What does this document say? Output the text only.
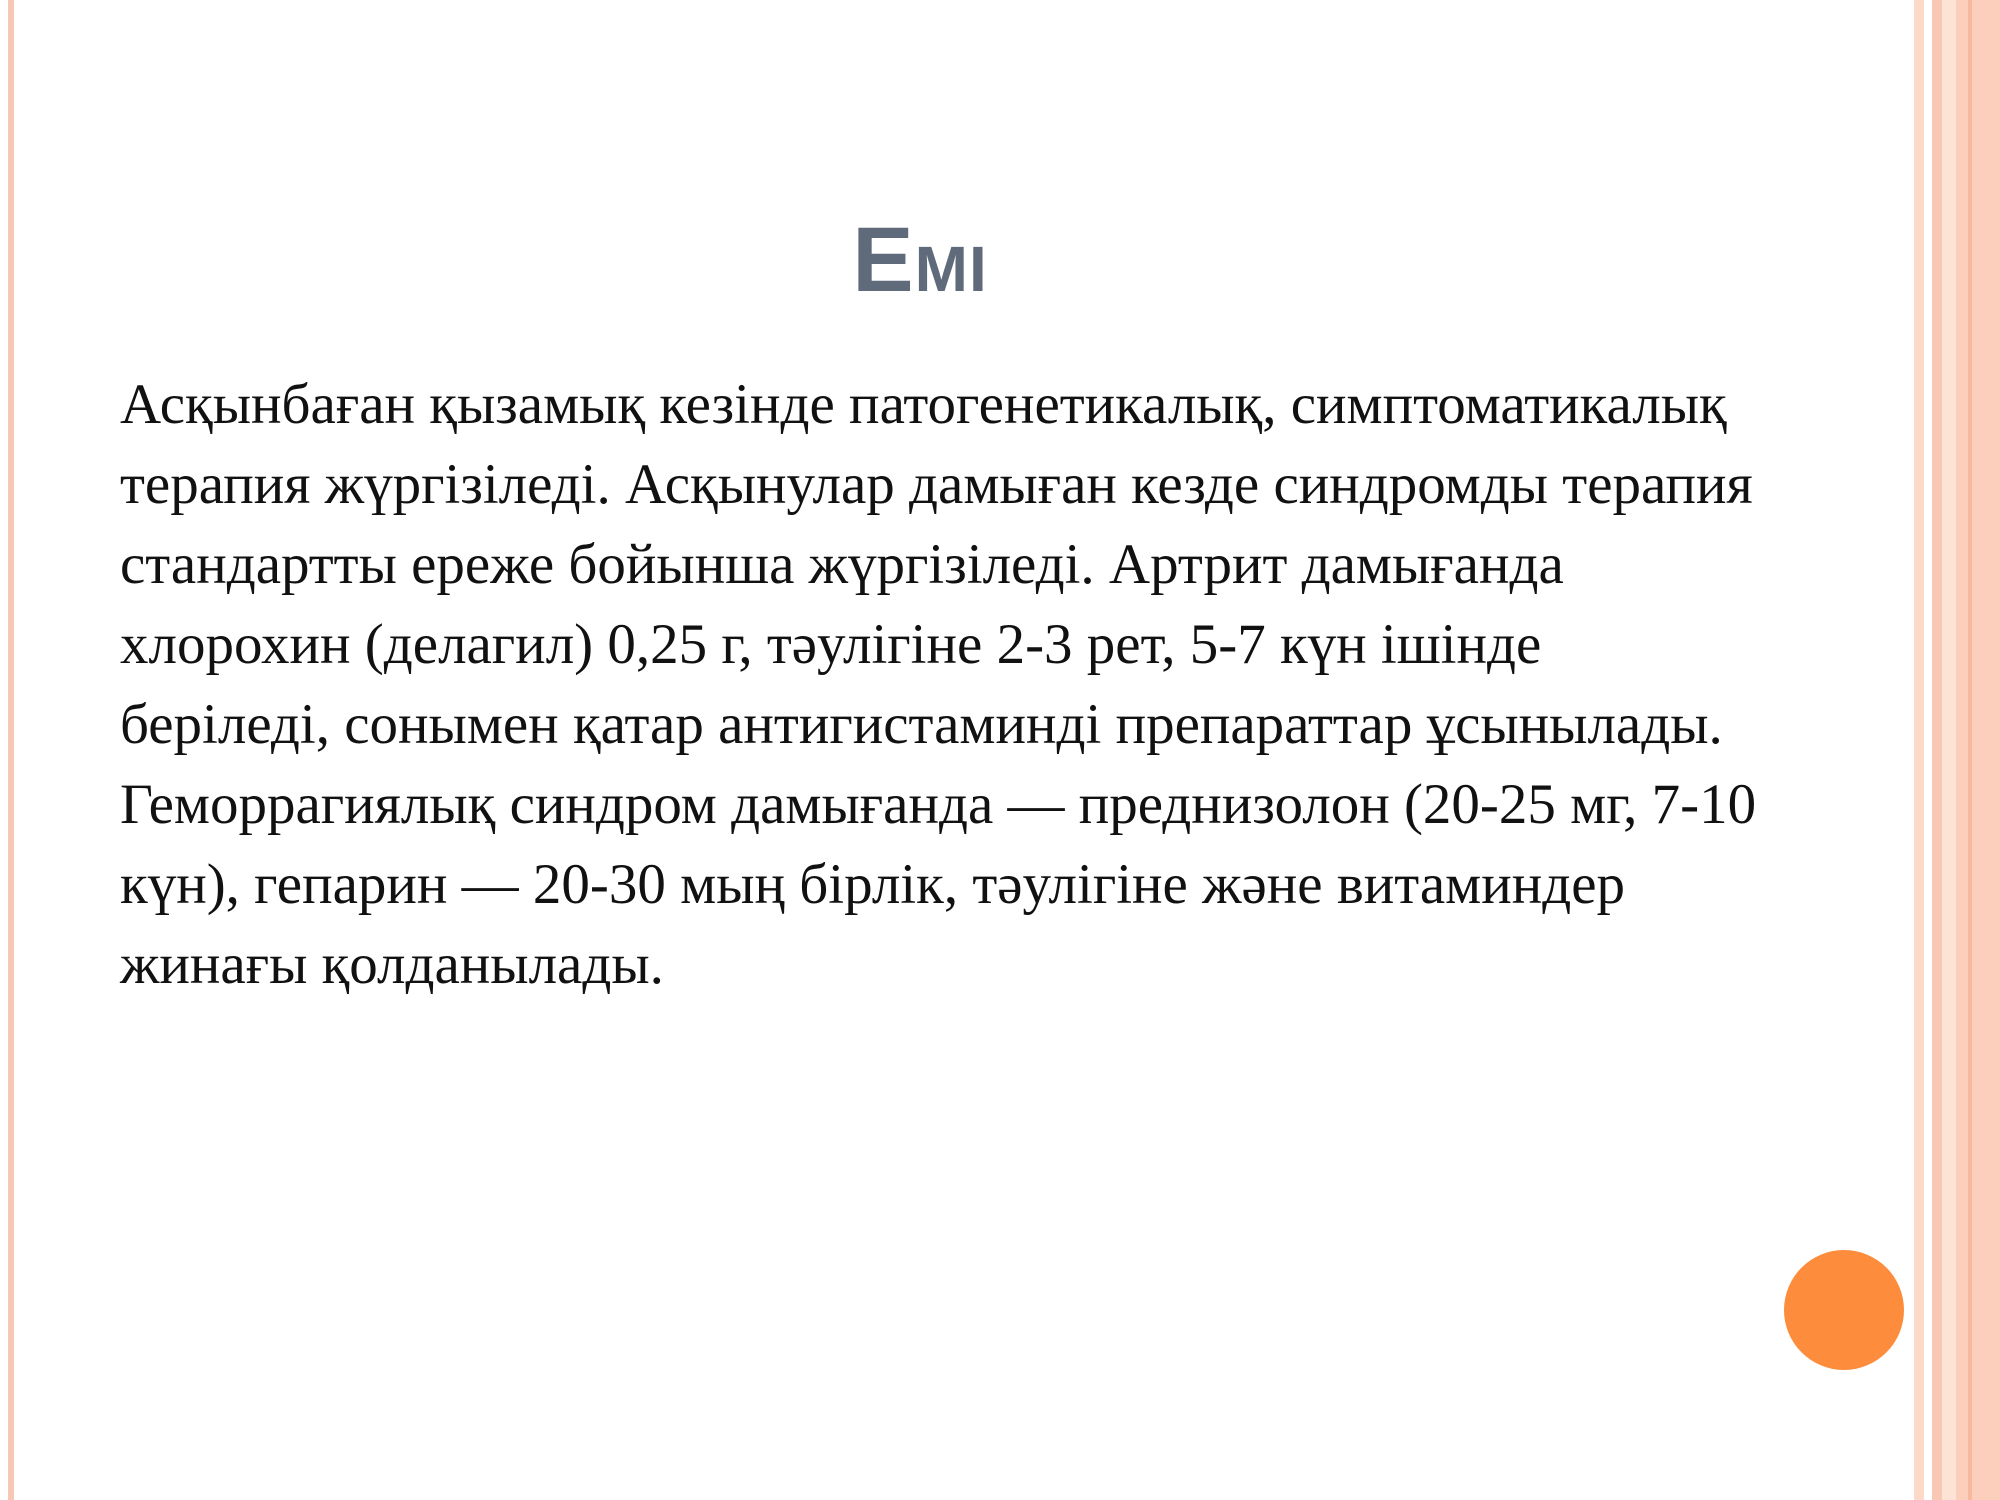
Емі

Асқынбаған қызамық кезінде патогенетикалық, симптоматикалық терапия жүргізіледі. Асқынулар дамыған кезде синдромды терапия стандартты ереже бойынша жүргізіледі. Артрит дамығанда хлорохин (делагил) 0,25 г, тәулігіне 2-3 рет, 5-7 күн ішінде беріледі, сонымен қатар антигистаминді препараттар ұсынылады. Геморрагиялық синдром дамығанда — преднизолон (20-25 мг, 7-10 күн), гепарин — 20-30 мың бірлік, тәулігіне және витаминдер жинағы қолданылады.
